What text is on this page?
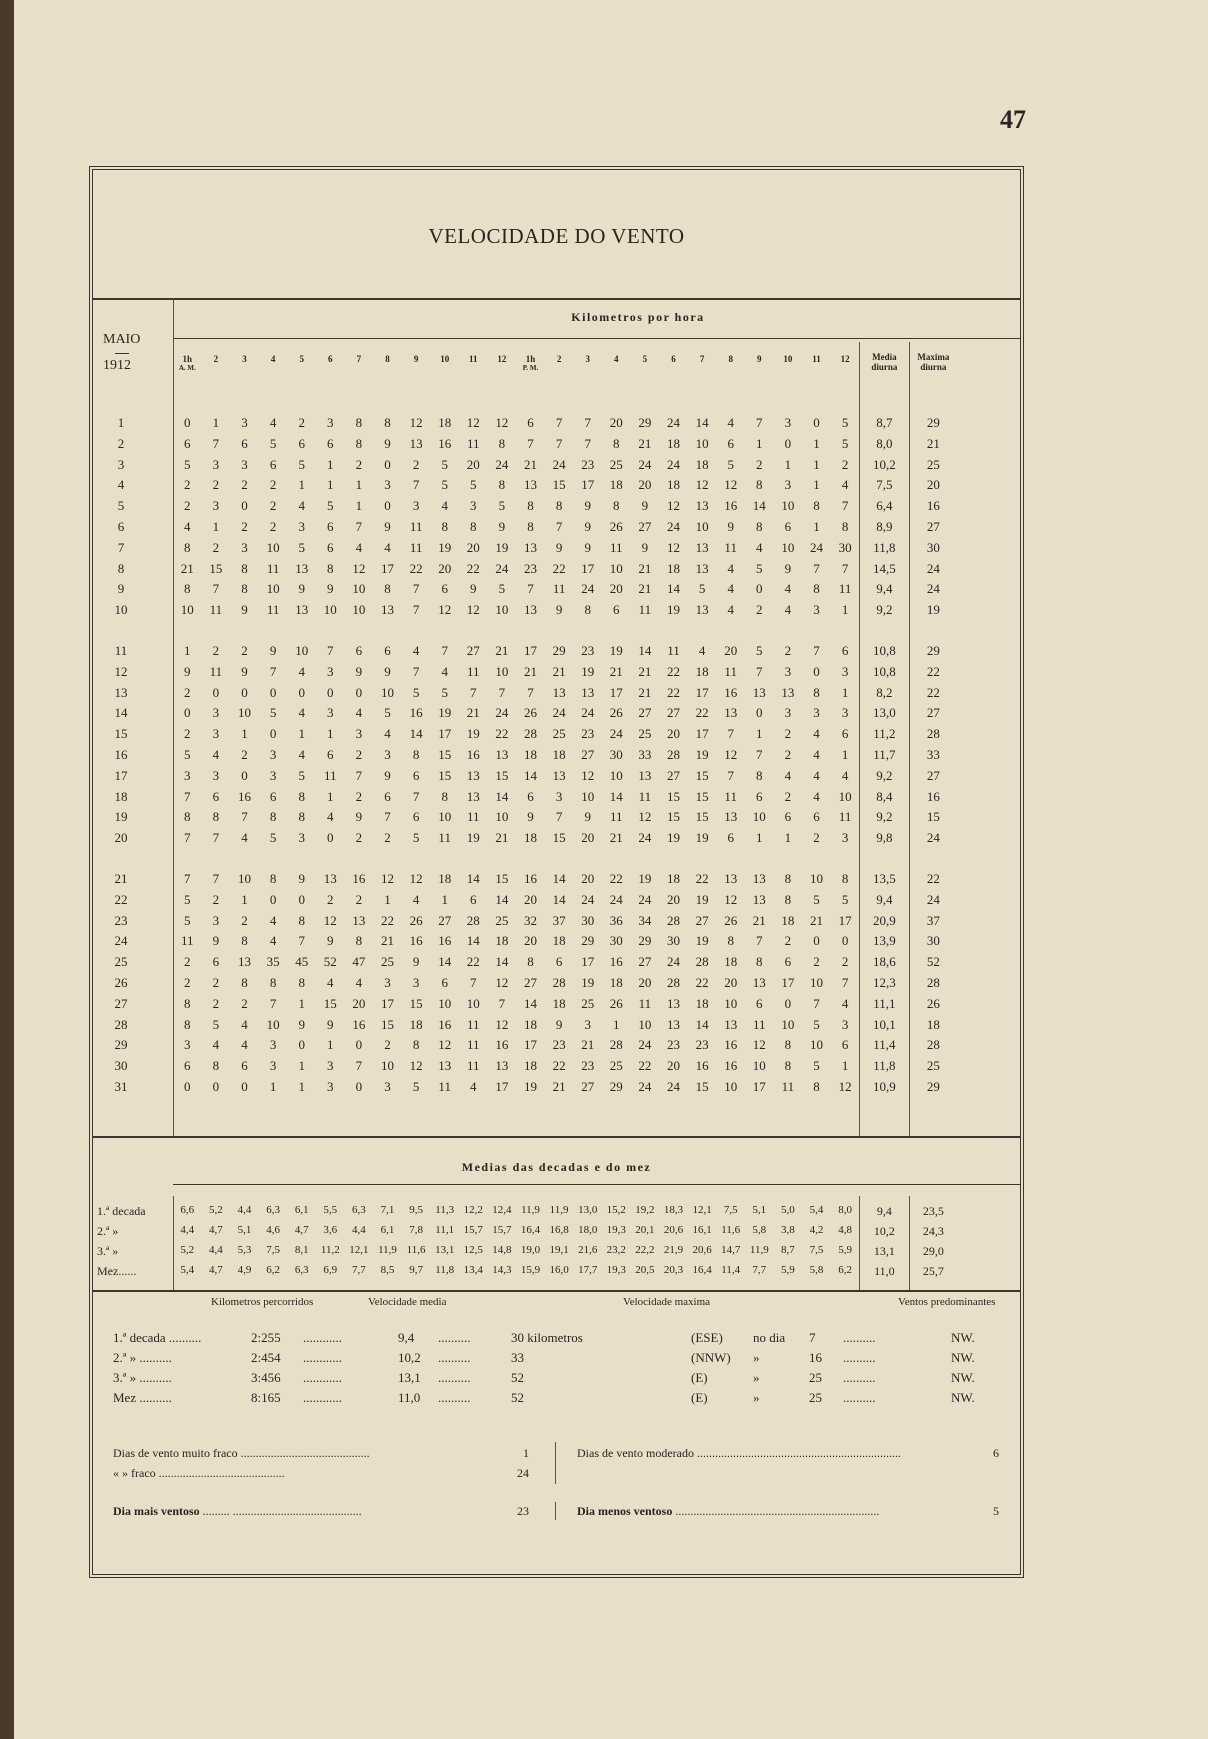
47
VELOCIDADE DO VENTO
MAIO
1912
Kilometros por hora
1h
A. M.
2	3	4	5	6	7	8	9	10	11	12	1h
P. M.
2	3	4	5	6	7	8	9	10	11	12	Media
diurna
Maxima
diurna
1	0	1	3	4	2	3	8	8	12	18	12	12	6	7	7	20	29	24	14	4	7	3	0	5	8,7	29
2	6	7	6	5	6	6	8	9	13	16	11	8	7	7	7	8	21	18	10	6	1	0	1	5	8,0	21
3	5	3	3	6	5	1	2	0	2	5	20	24	21	24	23	25	24	24	18	5	2	1	1	2	10,2	25
4	2	2	2	2	1	1	1	3	7	5	5	8	13	15	17	18	20	18	12	12	8	3	1	4	7,5	20
5	2	3	0	2	4	5	1	0	3	4	3	5	8	8	9	8	9	12	13	16	14	10	8	7	6,4	16
6	4	1	2	2	3	6	7	9	11	8	8	9	8	7	9	26	27	24	10	9	8	6	1	8	8,9	27
7	8	2	3	10	5	6	4	4	11	19	20	19	13	9	9	11	9	12	13	11	4	10	24	30	11,8	30
8	21	15	8	11	13	8	12	17	22	20	22	24	23	22	17	10	21	18	13	4	5	9	7	7	14,5	24
9	8	7	8	10	9	9	10	8	7	6	9	5	7	11	24	20	21	14	5	4	0	4	8	11	9,4	24
10	10	11	9	11	13	10	10	13	7	12	12	10	13	9	8	6	11	19	13	4	2	4	3	1	9,2	19
11	1	2	2	9	10	7	6	6	4	7	27	21	17	29	23	19	14	11	4	20	5	2	7	6	10,8	29
12	9	11	9	7	4	3	9	9	7	4	11	10	21	21	19	21	21	22	18	11	7	3	0	3	10,8	22
13	2	0	0	0	0	0	0	10	5	5	7	7	7	13	13	17	21	22	17	16	13	13	8	1	8,2	22
14	0	3	10	5	4	3	4	5	16	19	21	24	26	24	24	26	27	27	22	13	0	3	3	3	13,0	27
15	2	3	1	0	1	1	3	4	14	17	19	22	28	25	23	24	25	20	17	7	1	2	4	6	11,2	28
16	5	4	2	3	4	6	2	3	8	15	16	13	18	18	27	30	33	28	19	12	7	2	4	1	11,7	33
17	3	3	0	3	5	11	7	9	6	15	13	15	14	13	12	10	13	27	15	7	8	4	4	4	9,2	27
18	7	6	16	6	8	1	2	6	7	8	13	14	6	3	10	14	11	15	15	11	6	2	4	10	8,4	16
19	8	8	7	8	8	4	9	7	6	10	11	10	9	7	9	11	12	15	15	13	10	6	6	11	9,2	15
20	7	7	4	5	3	0	2	2	5	11	19	21	18	15	20	21	24	19	19	6	1	1	2	3	9,8	24
21	7	7	10	8	9	13	16	12	12	18	14	15	16	14	20	22	19	18	22	13	13	8	10	8	13,5	22
22	5	2	1	0	0	2	2	1	4	1	6	14	20	14	24	24	24	20	19	12	13	8	5	5	9,4	24
23	5	3	2	4	8	12	13	22	26	27	28	25	32	37	30	36	34	28	27	26	21	18	21	17	20,9	37
24	11	9	8	4	7	9	8	21	16	16	14	18	20	18	29	30	29	30	19	8	7	2	0	0	13,9	30
25	2	6	13	35	45	52	47	25	9	14	22	14	8	6	17	16	27	24	28	18	8	6	2	2	18,6	52
26	2	2	8	8	8	4	4	3	3	6	7	12	27	28	19	18	20	28	22	20	13	17	10	7	12,3	28
27	8	2	2	7	1	15	20	17	15	10	10	7	14	18	25	26	11	13	18	10	6	0	7	4	11,1	26
28	8	5	4	10	9	9	16	15	18	16	11	12	18	9	3	1	10	13	14	13	11	10	5	3	10,1	18
29	3	4	4	3	0	1	0	2	8	12	11	16	17	23	21	28	24	23	23	16	12	8	10	6	11,4	28
30	6	8	6	3	1	3	7	10	12	13	11	13	18	22	23	25	22	20	16	16	10	8	5	1	11,8	25
31	0	0	0	1	1	3	0	3	5	11	4	17	19	21	27	29	24	24	15	10	17	11	8	12	10,9	29
Medias das decadas e do mez
1.ª decada	6,6	5,2	4,4	6,3	6,1	5,5	6,3	7,1	9,5	11,3 12,2 12,4 11,9 11,9 13,0 15,2 19,2 18,3 12,1	7,5	5,1	5,0	5,4	8,0	9,4	23,5
2.ª »	4,4	4,7	5,1	4,6	4,7	3,6	4,4	6,1	7,8	11,1 15,7 15,7 16,4 16,8 18,0 19,3 20,1 20,6 16,1 11,6	5,8	3,8	4,2	4,8	10,2	24,3
3.ª »	5,2	4,4	5,3	7,5	8,1	11,2 12,1 11,9 11,6 13,1 12,5 14,8 19,0 19,1 21,6 23,2 22,2 21,9 20,6 14,7 11,9	8,7	7,5	5,9	13,1	29,0
Mez......	5,4	4,7	4,9	6,2	6,3	6,9	7,7	8,5	9,7	11,8 13,4 14,3 15,9 16,0 17,7 19,3 20,5 20,3 16,4 11,4	7,7	5,9	5,8	6,2	11,0	25,7
Kilometros percorridos	Velocidade media	Velocidade maxima	Ventos predominantes
1.ª decada ..........	2:255 ............	9,4 ..........	30 kilometros	(ESE) no dia 7 ..........	NW.
2.ª » ..........	2:454 ............	10,2 ..........	33	(NNW) »	16 ..........	NW.
3.ª » ..........	3:456 ............	13,1 ..........	52	(E)	»	25 ..........	NW.
Mez ..........	8:165 ............	11,0 ..........	52	(E)	»	25 ..........	NW.
Dias de vento muito fraco ...........................................	1
« » fraco ..........................................	24
Dias de vento moderado ....................................................................	6
Dia mais ventoso ......... ...........................................	23	Dia menos ventoso ....................................................................	5
